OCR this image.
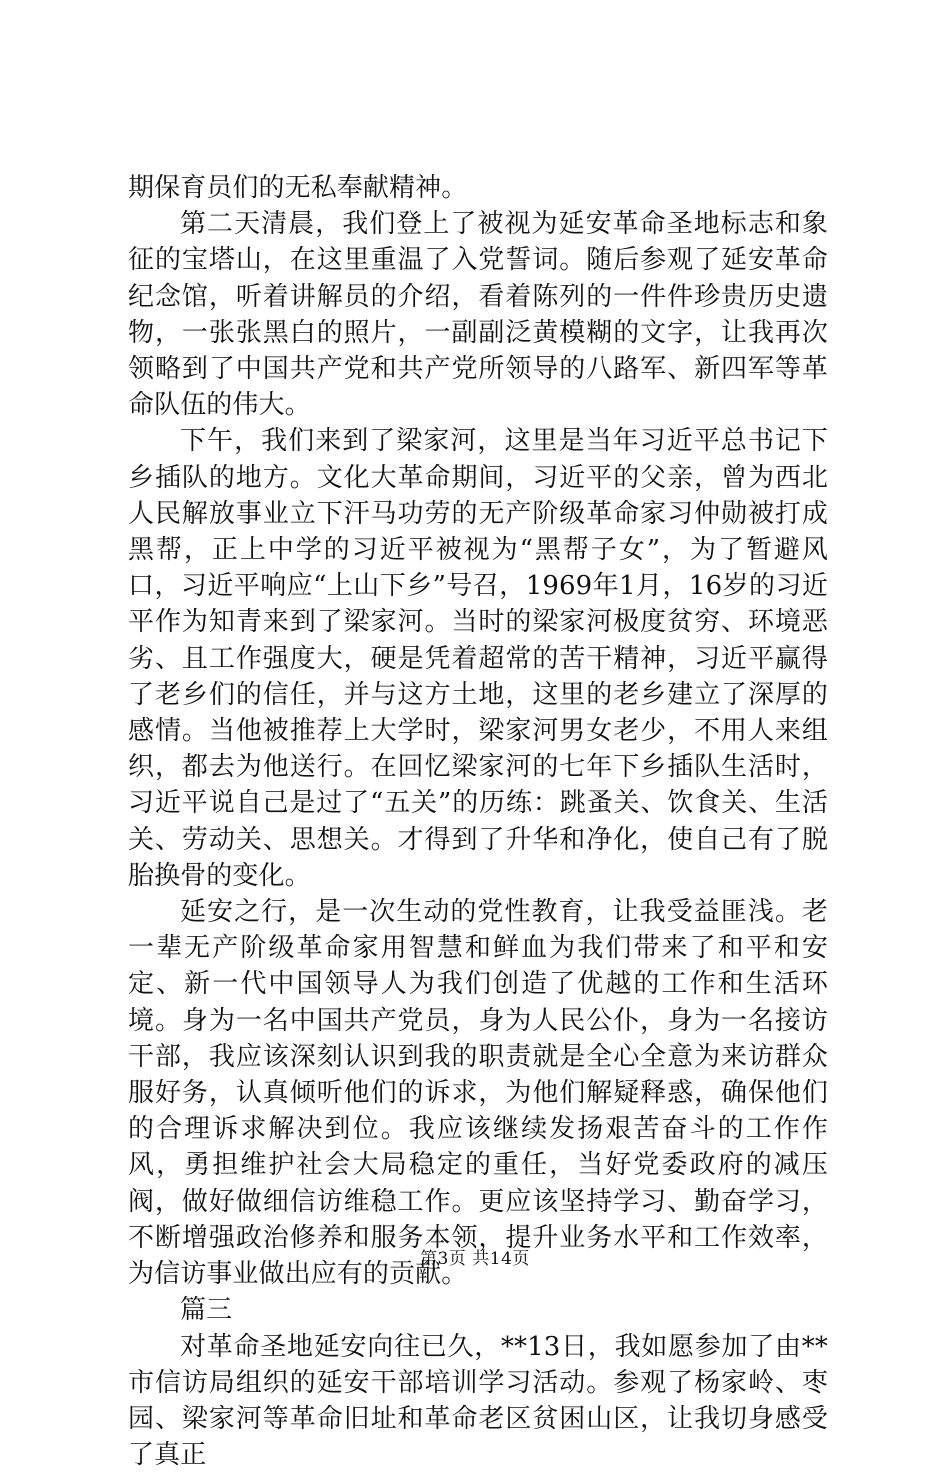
期保育员们的无私奉献精神。

第二天清晨，我们登上了被视为延安革命圣地标志和象征的宝塔山，在这里重温了入党誓词。随后参观了延安革命纪念馆，听着讲解员的介绍，看着陈列的一件件珍贵历史遗物，一张张黑白的照片，一副副泛黄模糊的文字，让我再次领略到了中国共产党和共产党所领导的八路军、新四军等革命队伍的伟大。

下午，我们来到了梁家河，这里是当年习近平总书记下乡插队的地方。文化大革命期间，习近平的父亲，曾为西北人民解放事业立下汗马功劳的无产阶级革命家习仲勋被打成黑帮，正上中学的习近平被视为“黑帮子女”，为了暂避风口，习近平响应“上山下乡”号召，1969年1月，16岁的习近平作为知青来到了梁家河。当时的梁家河极度贫穷、环境恶劣、且工作强度大，硬是凭着超常的苦干精神，习近平赢得了老乡们的信任，并与这方土地，这里的老乡建立了深厚的感情。当他被推荐上大学时，梁家河男女老少，不用人来组织，都去为他送行。在回忆梁家河的七年下乡插队生活时，习近平说自己是过了“五关”的历练：跳蚤关、饮食关、生活关、劳动关、思想关。才得到了升华和净化，使自己有了脱胎换骨的变化。

延安之行，是一次生动的党性教育，让我受益匪浅。老一辈无产阶级革命家用智慧和鲜血为我们带来了和平和安定、新一代中国领导人为我们创造了优越的工作和生活环境。身为一名中国共产党员，身为人民公仆，身为一名接访干部，我应该深刻认识到我的职责就是全心全意为来访群众服好务，认真倾听他们的诉求，为他们解疑释惑，确保他们的合理诉求解决到位。我应该继续发扬艰苦奋斗的工作作风，勇担维护社会大局稳定的重任，当好党委政府的减压阀，做好做细信访维稳工作。更应该坚持学习、勤奋学习，不断增强政治修养和服务本领，提升业务水平和工作效率，为信访事业做出应有的贡献。

篇三

对革命圣地延安向往已久，**13日，我如愿参加了由**市信访局组织的延安干部培训学习活动。参观了杨家岭、枣园、梁家河等革命旧址和革命老区贫困山区，让我切身感受了真正

第3页 共14页
